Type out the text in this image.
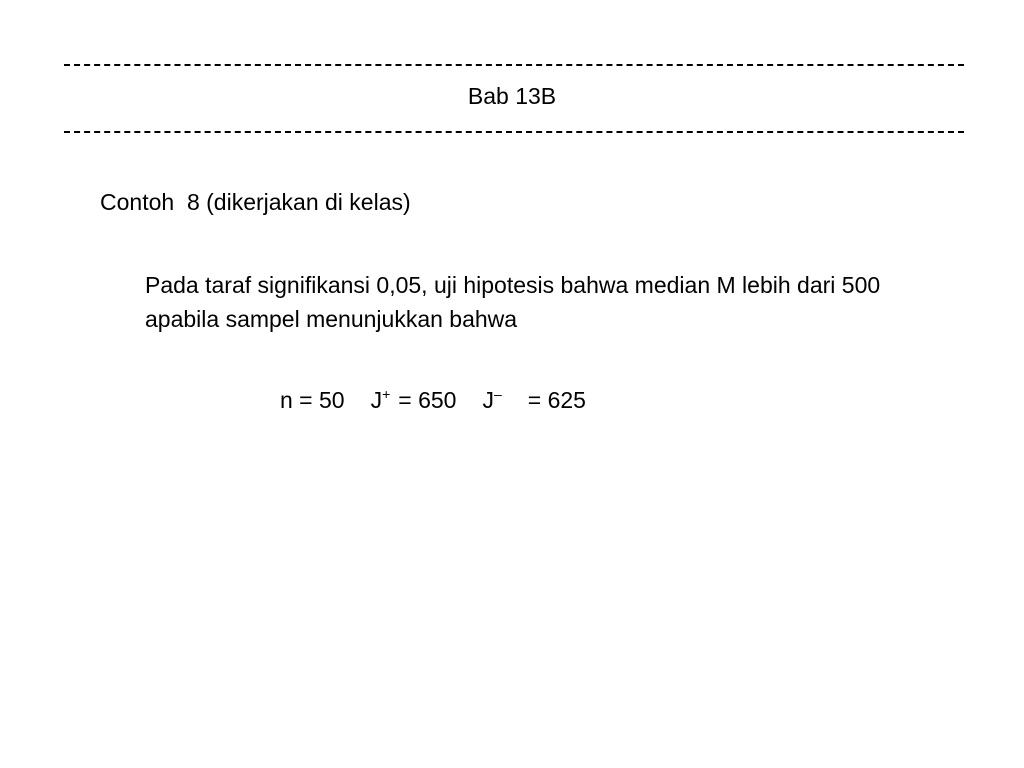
Bab 13B
Contoh  8 (dikerjakan di kelas)
Pada taraf signifikansi 0,05, uji hipotesis bahwa median M lebih dari 500 apabila sampel menunjukkan bahwa
n = 50 J+ = 650 J– = 625
